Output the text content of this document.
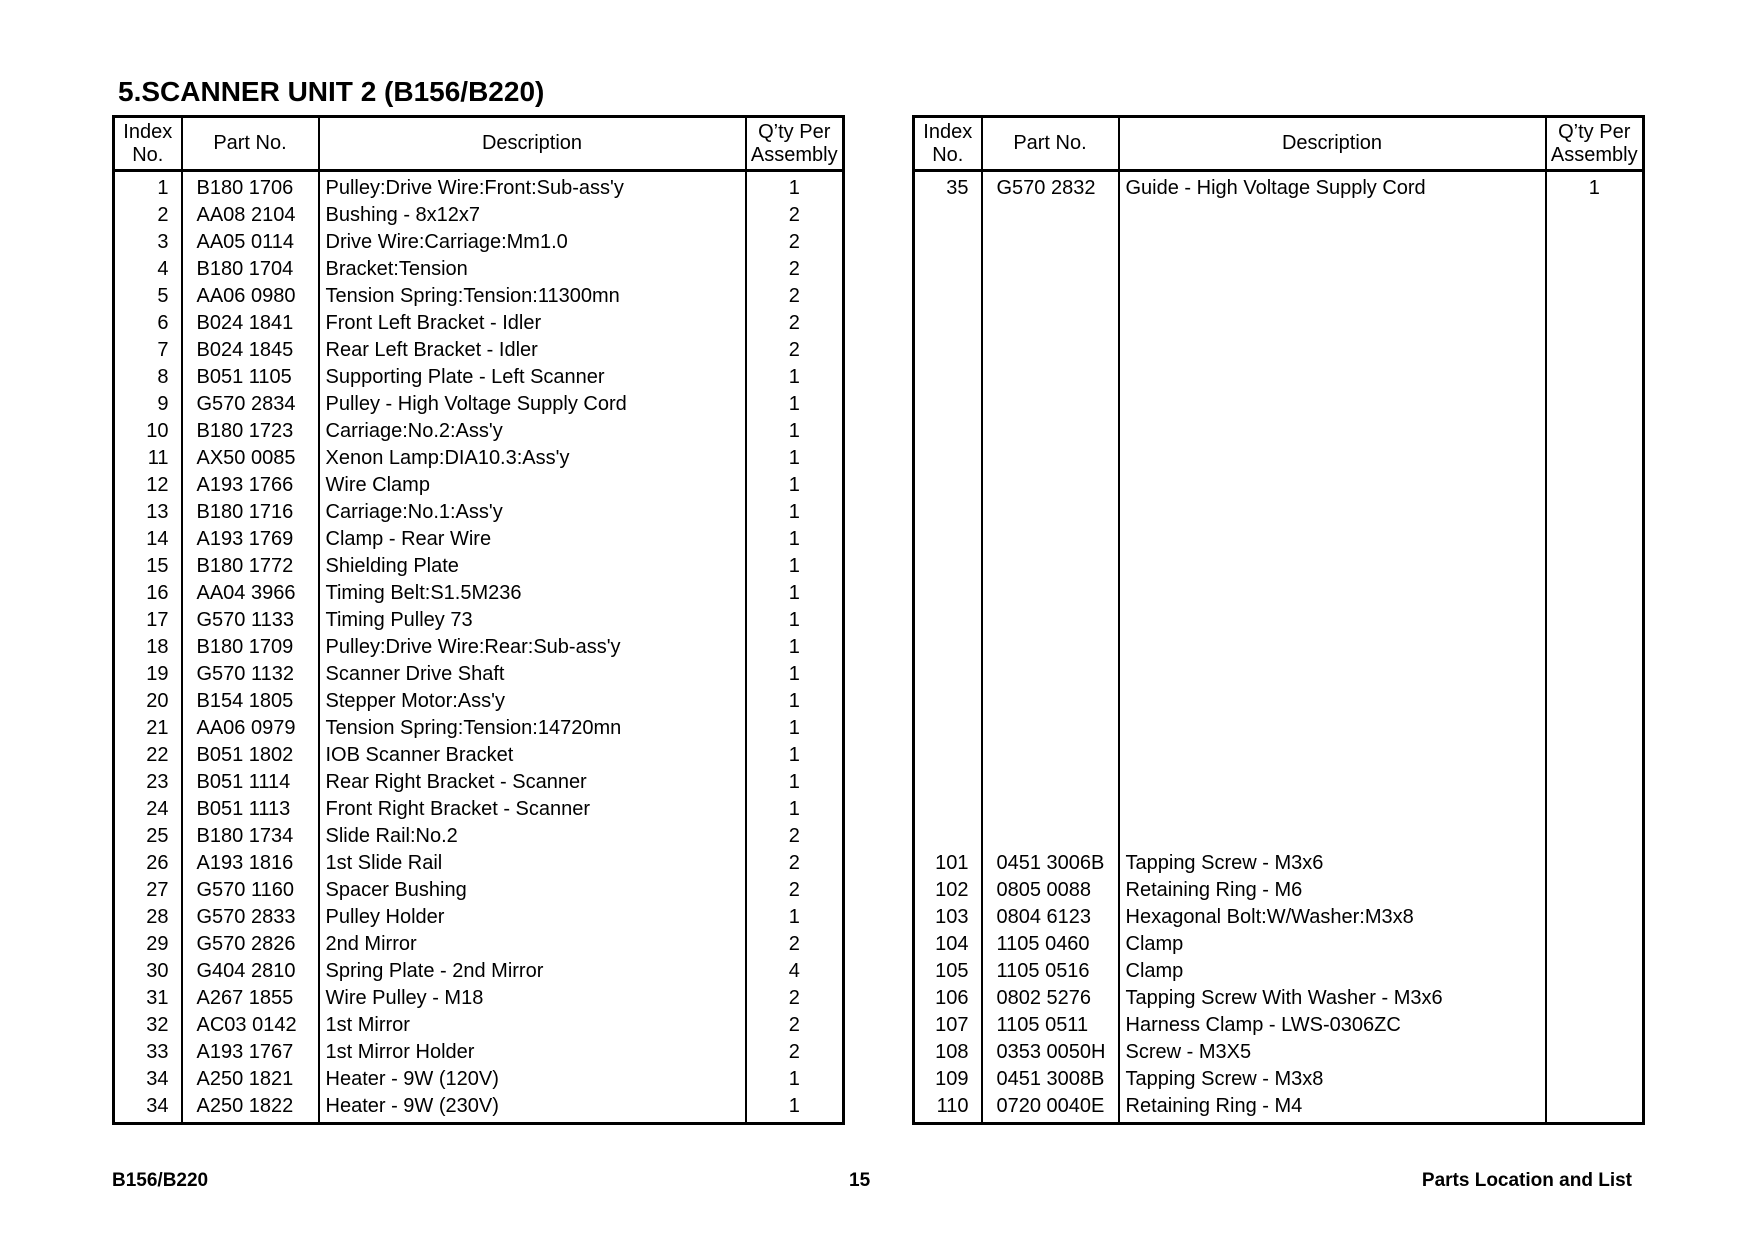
5.SCANNER UNIT 2 (B156/B220)
Index
No.	Part No.	Description	Q’ty Per
Assembly
1	B180 1706	Pulley:Drive Wire:Front:Sub-ass'y	1
2	AA08 2104	Bushing - 8x12x7	2
3	AA05 0114	Drive Wire:Carriage:Mm1.0	2
4	B180 1704	Bracket:Tension	2
5	AA06 0980	Tension Spring:Tension:11300mn	2
6	B024 1841	Front Left Bracket - Idler	2
7	B024 1845	Rear Left Bracket - Idler	2
8	B051 1105	Supporting Plate - Left Scanner	1
9	G570 2834	Pulley - High Voltage Supply Cord	1
10	B180 1723	Carriage:No.2:Ass'y	1
11	AX50 0085	Xenon Lamp:DIA10.3:Ass'y	1
12	A193 1766	Wire Clamp	1
13	B180 1716	Carriage:No.1:Ass'y	1
14	A193 1769	Clamp - Rear Wire	1
15	B180 1772	Shielding Plate	1
16	AA04 3966	Timing Belt:S1.5M236	1
17	G570 1133	Timing Pulley 73	1
18	B180 1709	Pulley:Drive Wire:Rear:Sub-ass'y	1
19	G570 1132	Scanner Drive Shaft	1
20	B154 1805	Stepper Motor:Ass'y	1
21	AA06 0979	Tension Spring:Tension:14720mn	1
22	B051 1802	IOB Scanner Bracket	1
23	B051 1114	Rear Right Bracket - Scanner	1
24	B051 1113	Front Right Bracket - Scanner	1
25	B180 1734	Slide Rail:No.2	2
26	A193 1816	1st Slide Rail	2
27	G570 1160	Spacer Bushing	2
28	G570 2833	Pulley Holder	1
29	G570 2826	2nd Mirror	2
30	G404 2810	Spring Plate - 2nd Mirror	4
31	A267 1855	Wire Pulley - M18	2
32	AC03 0142	1st Mirror	2
33	A193 1767	1st Mirror Holder	2
34	A250 1821	Heater - 9W (120V)	1
34	A250 1822	Heater - 9W (230V)	1
Index
No.	Part No.	Description	Q’ty Per
Assembly
35	G570 2832	Guide - High Voltage Supply Cord	1

101	0451 3006B	Tapping Screw - M3x6	
102	0805 0088	Retaining Ring - M6	
103	0804 6123	Hexagonal Bolt:W/Washer:M3x8	
104	1105 0460	Clamp	
105	1105 0516	Clamp	
106	0802 5276	Tapping Screw With Washer - M3x6	
107	1105 0511	Harness Clamp - LWS-0306ZC	
108	0353 0050H	Screw - M3X5	
109	0451 3008B	Tapping Screw - M3x8	
110	0720 0040E	Retaining Ring - M4	
B156/B220	15	Parts Location and List
